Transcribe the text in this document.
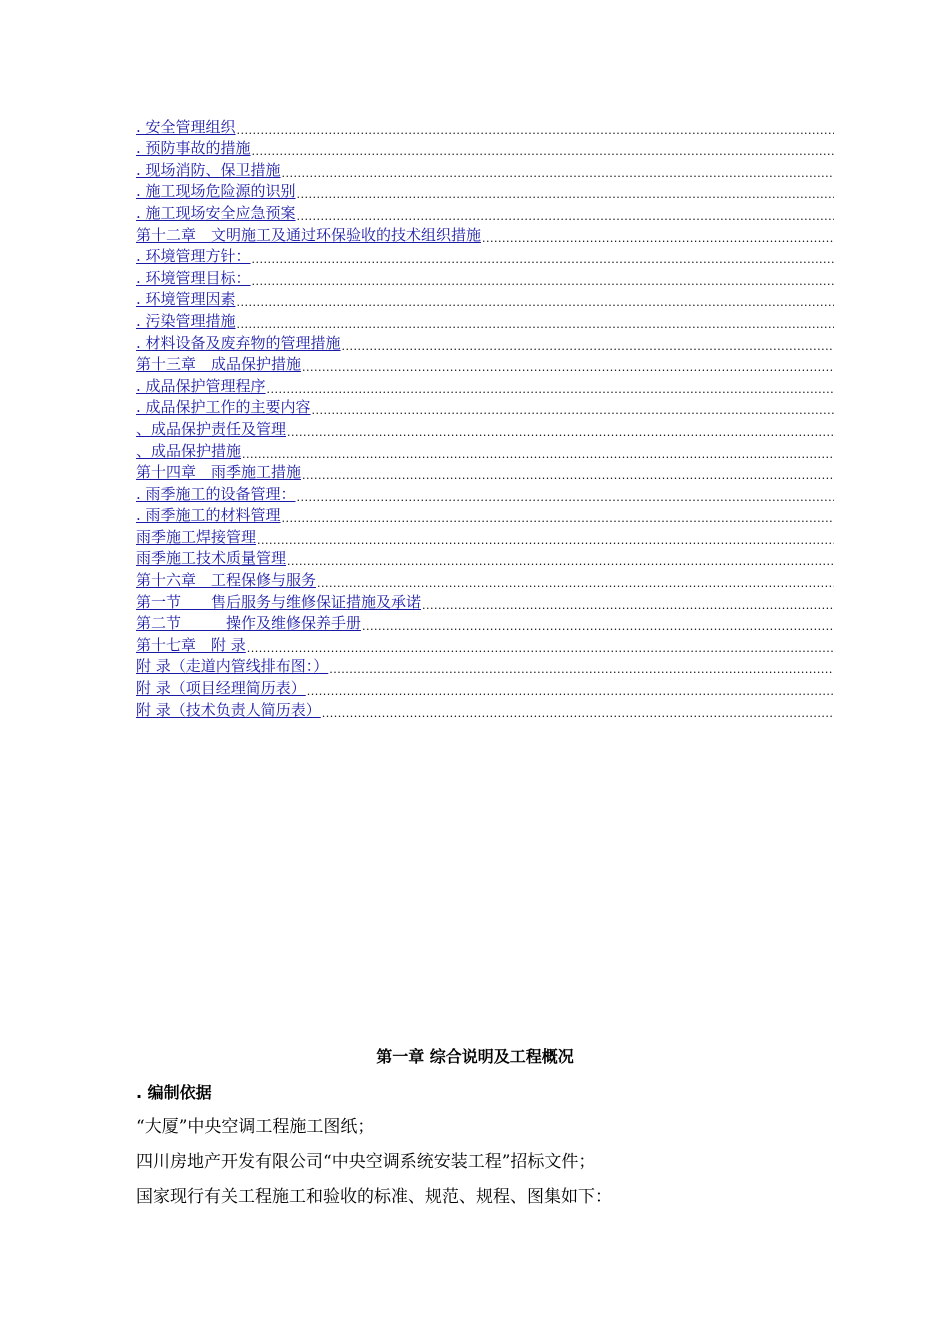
. 安全管理组织
.....
. 预防事故的措施
.....
. 现场消防、保卫措施
.....
. 施工现场危险源的识别
.....
. 施工现场安全应急预案
.....
第十二章　文明施工及通过环保验收的技术组织措施
.....
. 环境管理方针：
.....
. 环境管理目标：
.....
. 环境管理因素
.....
. 污染管理措施
.....
. 材料设备及废弃物的管理措施
.....
第十三章　成品保护措施
.....
. 成品保护管理程序
.....
. 成品保护工作的主要内容
.....
、成品保护责任及管理
.....
、成品保护措施
.....
第十四章　雨季施工措施
.....
. 雨季施工的设备管理：
.....
. 雨季施工的材料管理
.....
雨季施工焊接管理
.....
雨季施工技术质量管理
.....
第十六章　工程保修与服务
.....
第一节　　售后服务与维修保证措施及承诺
.....
第二节　　　操作及维修保养手册
.....
第十七章　附 录
.....
附 录（走道内管线排布图：）
.....
附 录（项目经理简历表）
.....
附 录（技术负责人简历表）
.....
第一章 综合说明及工程概况
. 编制依据
“大厦”中央空调工程施工图纸；
四川房地产开发有限公司“中央空调系统安装工程”招标文件；
国家现行有关工程施工和验收的标准、规范、规程、图集如下：
